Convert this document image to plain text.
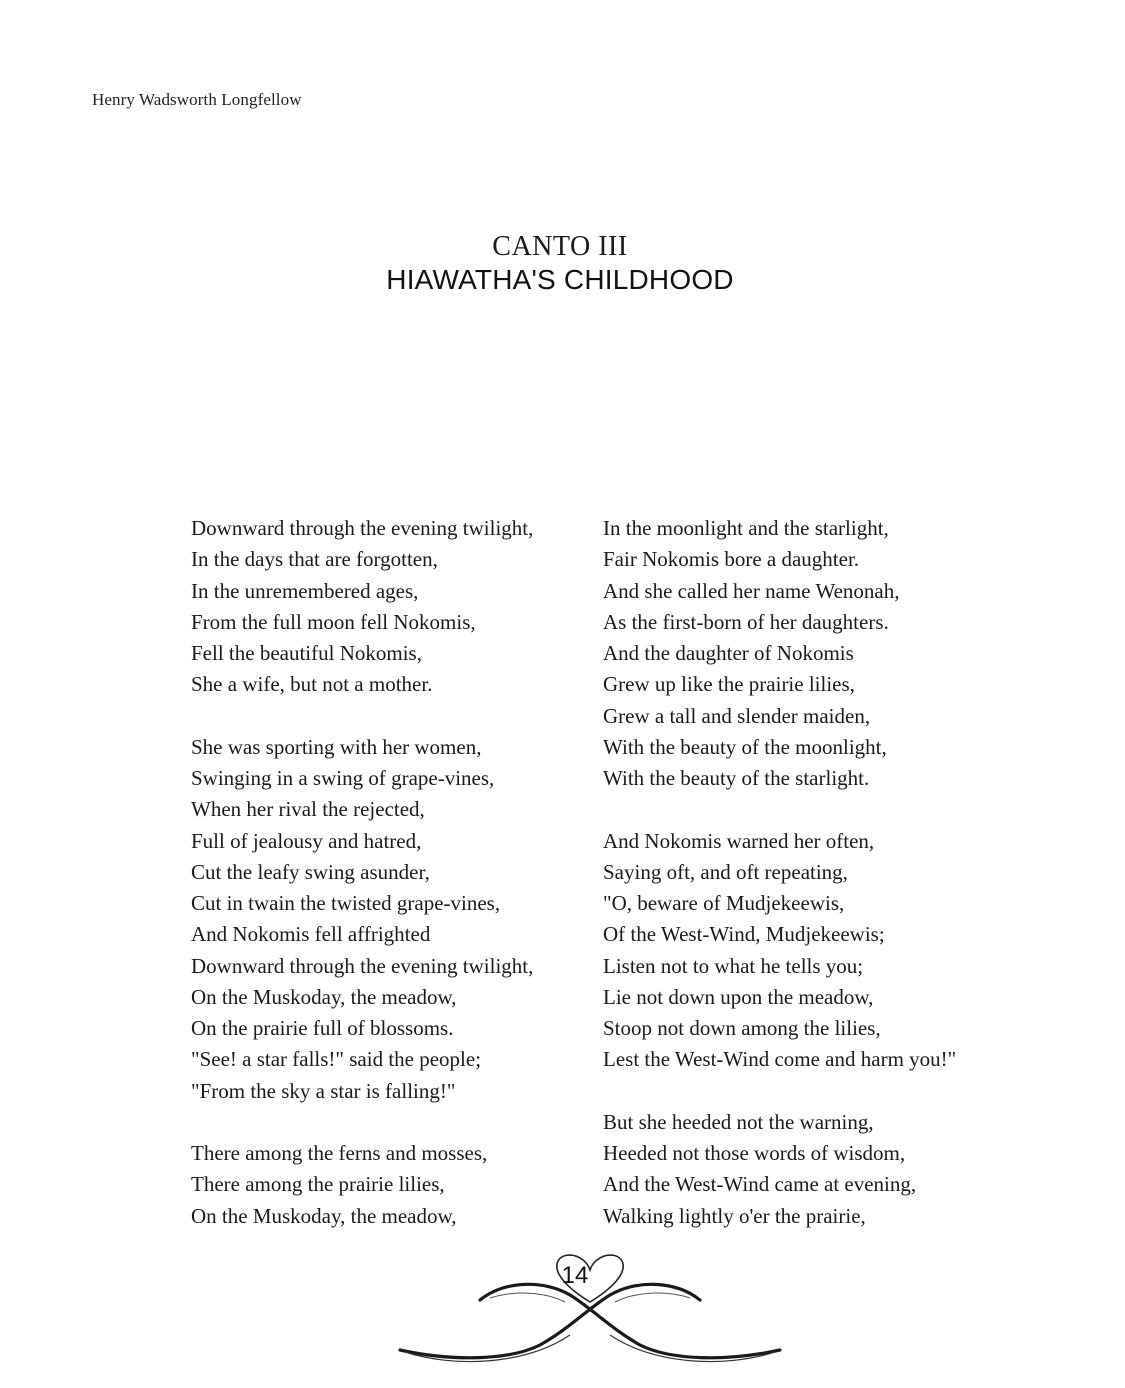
Henry Wadsworth Longfellow
CANTO III
HIAWATHA'S CHILDHOOD
Downward through the evening twilight,
In the days that are forgotten,
In the unremembered ages,
From the full moon fell Nokomis,
Fell the beautiful Nokomis,
She a wife, but not a mother.
She was sporting with her women,
Swinging in a swing of grape-vines,
When her rival the rejected,
Full of jealousy and hatred,
Cut the leafy swing asunder,
Cut in twain the twisted grape-vines,
And Nokomis fell affrighted
Downward through the evening twilight,
On the Muskoday, the meadow,
On the prairie full of blossoms.
"See! a star falls!" said the people;
"From the sky a star is falling!"
There among the ferns and mosses,
There among the prairie lilies,
On the Muskoday, the meadow,
In the moonlight and the starlight,
Fair Nokomis bore a daughter.
And she called her name Wenonah,
As the first-born of her daughters.
And the daughter of Nokomis
Grew up like the prairie lilies,
Grew a tall and slender maiden,
With the beauty of the moonlight,
With the beauty of the starlight.
And Nokomis warned her often,
Saying oft, and oft repeating,
"O, beware of Mudjekeewis,
Of the West-Wind, Mudjekeewis;
Listen not to what he tells you;
Lie not down upon the meadow,
Stoop not down among the lilies,
Lest the West-Wind come and harm you!"
But she heeded not the warning,
Heeded not those words of wisdom,
And the West-Wind came at evening,
Walking lightly o'er the prairie,
14
